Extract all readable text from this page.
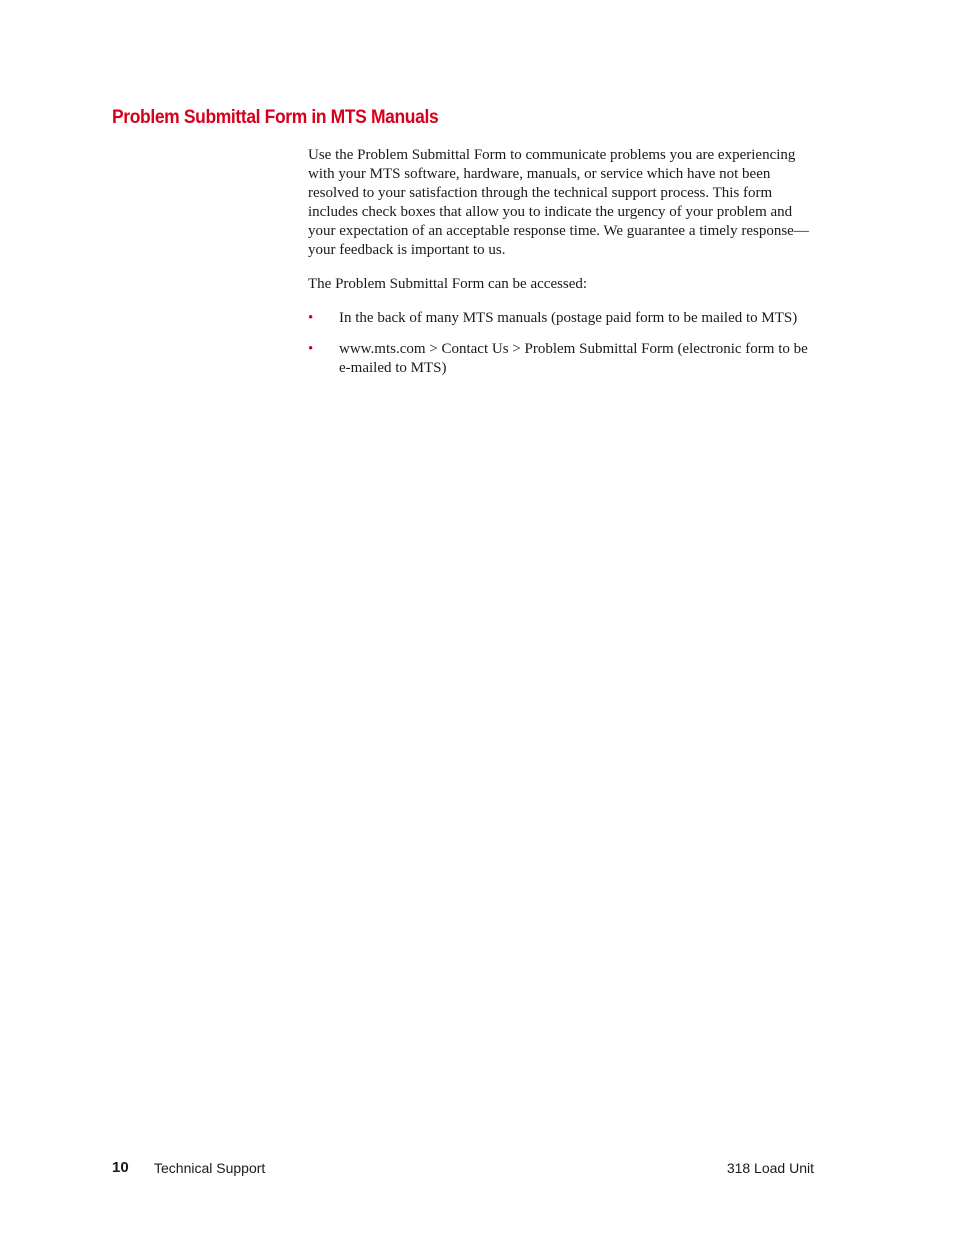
Problem Submittal Form in MTS Manuals

Use the Problem Submittal Form to communicate problems you are experiencing with your MTS software, hardware, manuals, or service which have not been resolved to your satisfaction through the technical support process. This form includes check boxes that allow you to indicate the urgency of your problem and your expectation of an acceptable response time. We guarantee a timely response—your feedback is important to us.

The Problem Submittal Form can be accessed:

• In the back of many MTS manuals (postage paid form to be mailed to MTS)
• www.mts.com > Contact Us > Problem Submittal Form (electronic form to be e-mailed to MTS)
10 Technical Support	318 Load Unit
